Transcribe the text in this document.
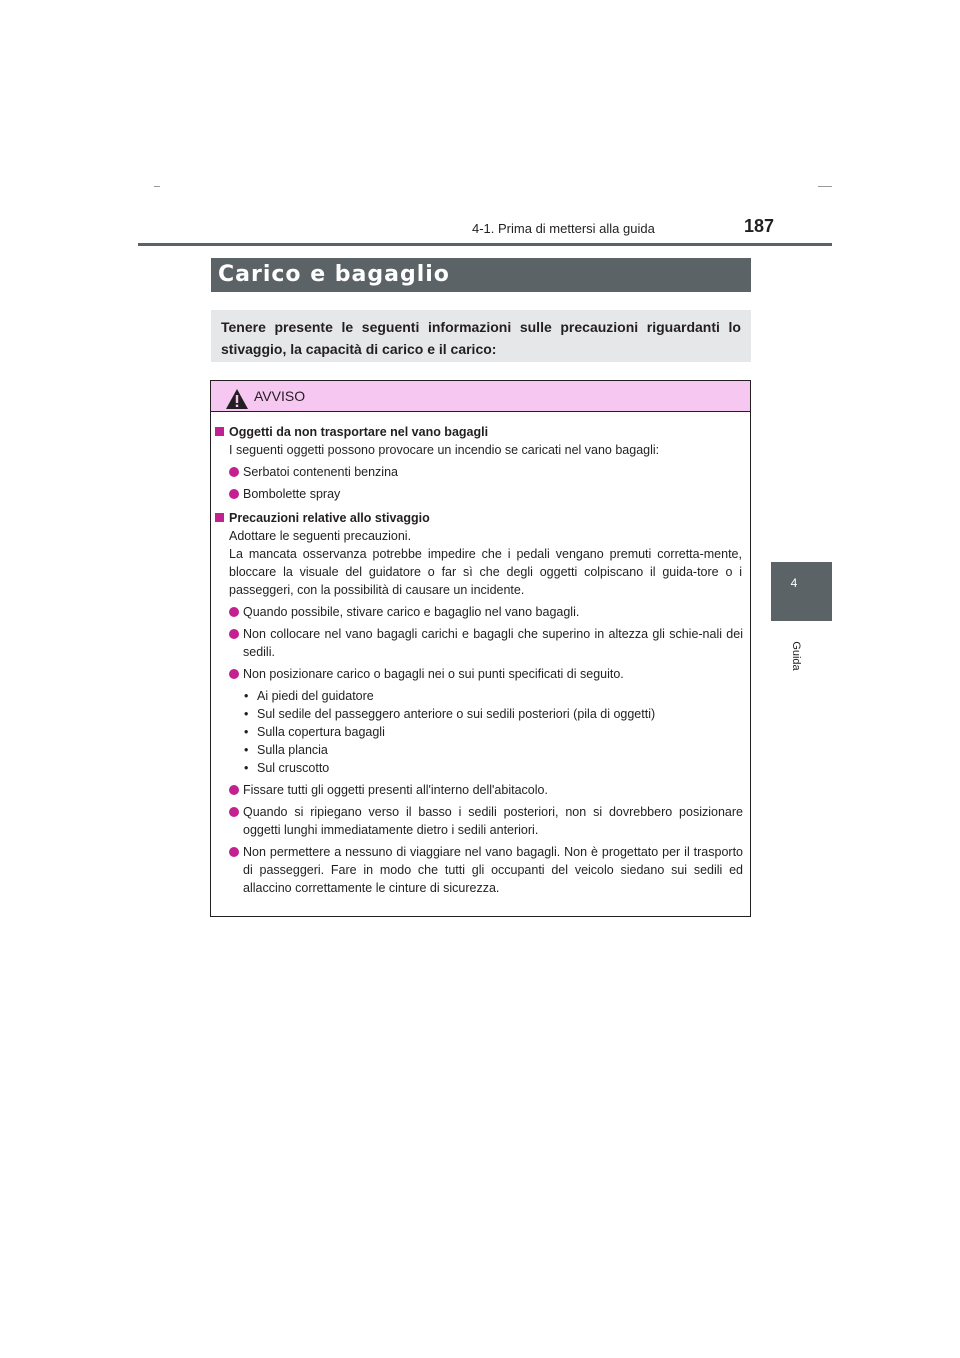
4-1. Prima di mettersi alla guida	187
4
Guida
Carico e bagaglio
Tenere presente le seguenti informazioni sulle precauzioni riguardanti lo stivaggio, la capacità di carico e il carico:
AVVISO
Oggetti da non trasportare nel vano bagagli
I seguenti oggetti possono provocare un incendio se caricati nel vano bagagli:
Serbatoi contenenti benzina
Bombolette spray
Precauzioni relative allo stivaggio
Adottare le seguenti precauzioni.
La mancata osservanza potrebbe impedire che i pedali vengano premuti corretta-mente, bloccare la visuale del guidatore o far sì che degli oggetti colpiscano il guida-tore o i passeggeri, con la possibilità di causare un incidente.
Quando possibile, stivare carico e bagaglio nel vano bagagli.
Non collocare nel vano bagagli carichi e bagagli che superino in altezza gli schie-nali dei sedili.
Non posizionare carico o bagagli nei o sui punti specificati di seguito.
• Ai piedi del guidatore
• Sul sedile del passeggero anteriore o sui sedili posteriori (pila di oggetti)
• Sulla copertura bagagli
• Sulla plancia
• Sul cruscotto
Fissare tutti gli oggetti presenti all'interno dell'abitacolo.
Quando si ripiegano verso il basso i sedili posteriori, non si dovrebbero posizionare oggetti lunghi immediatamente dietro i sedili anteriori.
Non permettere a nessuno di viaggiare nel vano bagagli. Non è progettato per il trasporto di passeggeri. Fare in modo che tutti gli occupanti del veicolo siedano sui sedili ed allaccino correttamente le cinture di sicurezza.
